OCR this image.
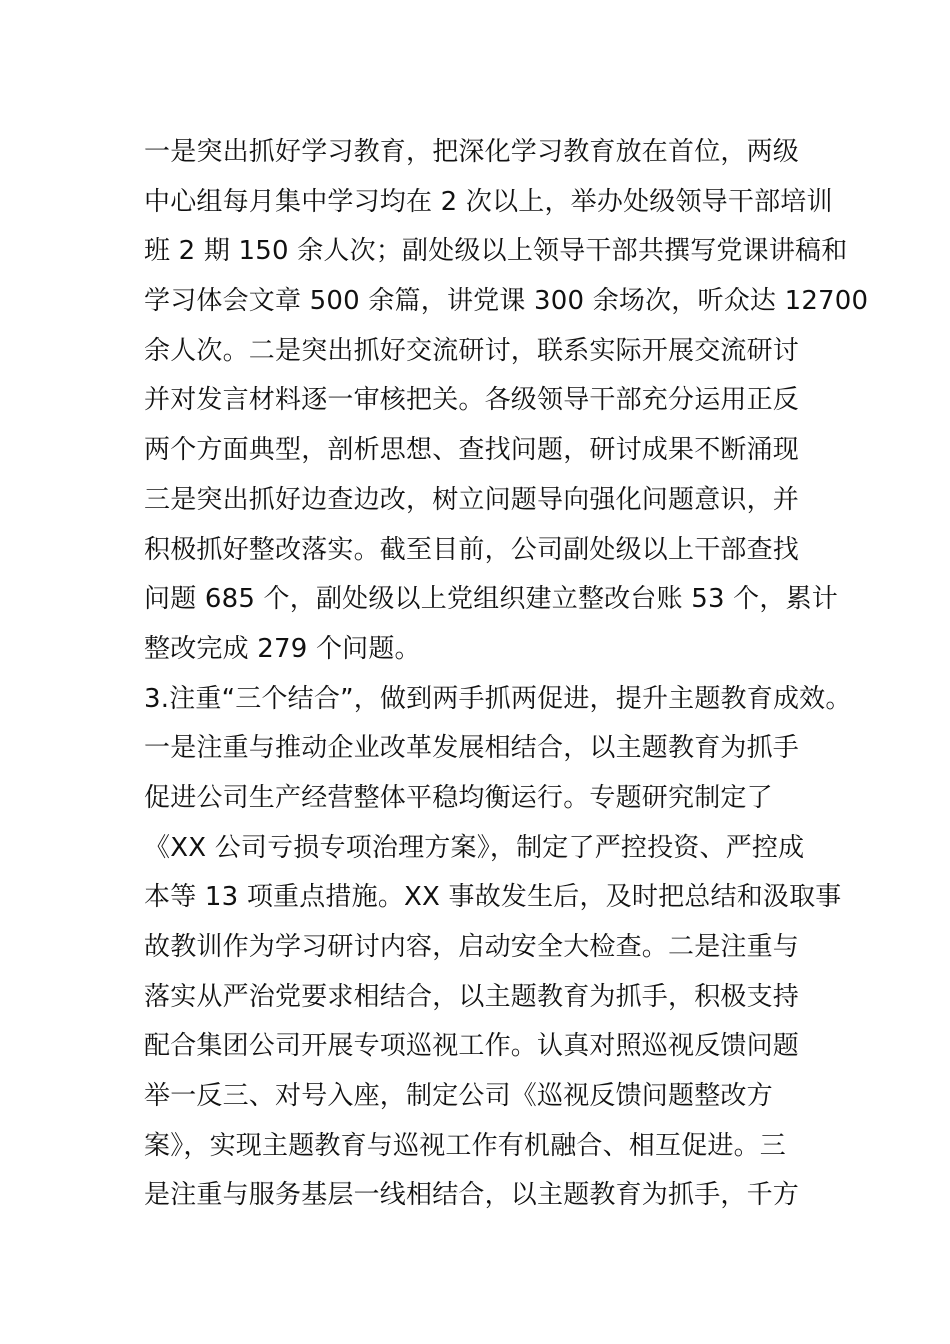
一是突出抓好学习教育，把深化学习教育放在首位，两级
中心组每月集中学习均在 2 次以上，举办处级领导干部培训
班 2 期 150 余人次；副处级以上领导干部共撰写党课讲稿和
学习体会文章 500 余篇，讲党课 300 余场次，听众达 12700
余人次。二是突出抓好交流研讨，联系实际开展交流研讨
并对发言材料逐一审核把关。各级领导干部充分运用正反
两个方面典型，剖析思想、查找问题，研讨成果不断涌现
三是突出抓好边查边改，树立问题导向强化问题意识，并
积极抓好整改落实。截至目前，公司副处级以上干部查找
问题 685 个，副处级以上党组织建立整改台账 53 个，累计
整改完成 279 个问题。
3.注重“三个结合”，做到两手抓两促进，提升主题教育成效。
一是注重与推动企业改革发展相结合，以主题教育为抓手
促进公司生产经营整体平稳均衡运行。专题研究制定了
《XX 公司亏损专项治理方案》，制定了严控投资、严控成
本等 13 项重点措施。XX 事故发生后，及时把总结和汲取事
故教训作为学习研讨内容，启动安全大检查。二是注重与
落实从严治党要求相结合，以主题教育为抓手，积极支持
配合集团公司开展专项巡视工作。认真对照巡视反馈问题
举一反三、对号入座，制定公司《巡视反馈问题整改方
案》，实现主题教育与巡视工作有机融合、相互促进。三
是注重与服务基层一线相结合，以主题教育为抓手，千方
